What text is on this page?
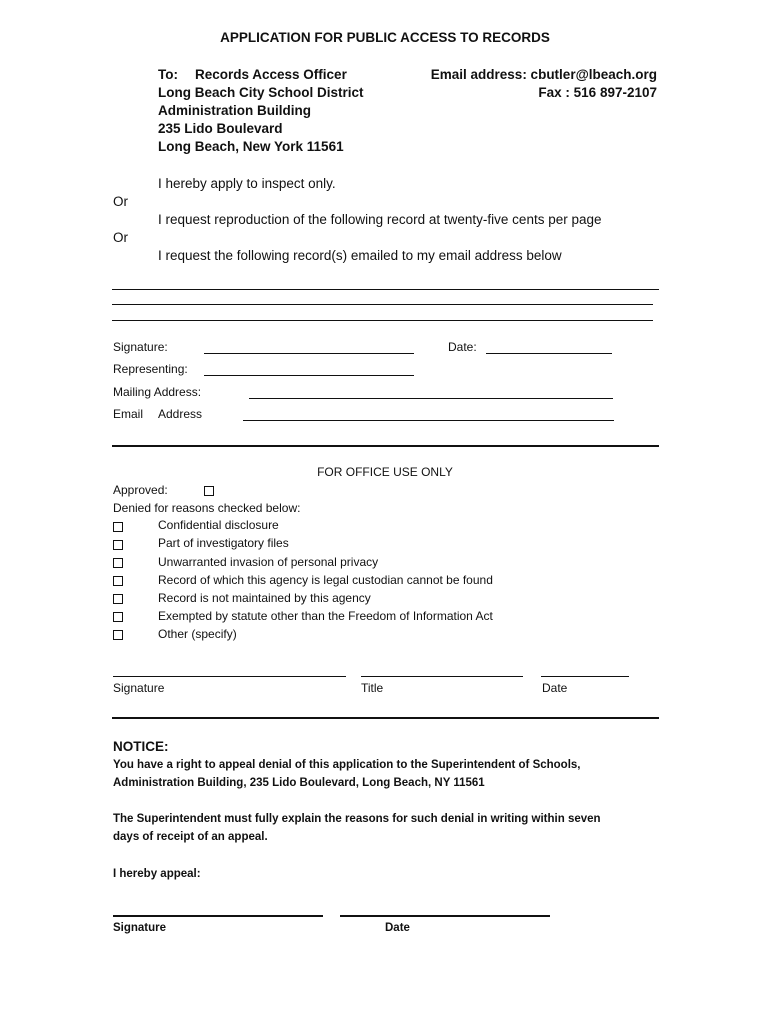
APPLICATION FOR PUBLIC ACCESS TO RECORDS
To: Records Access Officer
Long Beach City School District
Administration Building
235 Lido Boulevard
Long Beach, New York 11561
Email address: cbutler@lbeach.org
Fax : 516 897-2107
I hereby apply to inspect only.
Or
I request reproduction of the following record at twenty-five cents per page
Or
I request the following record(s) emailed to my email address below
Signature:	Date:
Representing:
Mailing Address:
Email Address
FOR OFFICE USE ONLY
Approved:
Denied for reasons checked below:
Confidential disclosure
Part of investigatory files
Unwarranted invasion of personal privacy
Record of which this agency is legal custodian cannot be found
Record is not maintained by this agency
Exempted by statute other than the Freedom of Information Act
Other (specify)
Signature	Title	Date
NOTICE:
You have a right to appeal denial of this application to the Superintendent of Schools,
Administration Building, 235 Lido Boulevard, Long Beach, NY 11561
The Superintendent must fully explain the reasons for such denial in writing within seven
days of receipt of an appeal.
I hereby appeal:
Signature	Date
